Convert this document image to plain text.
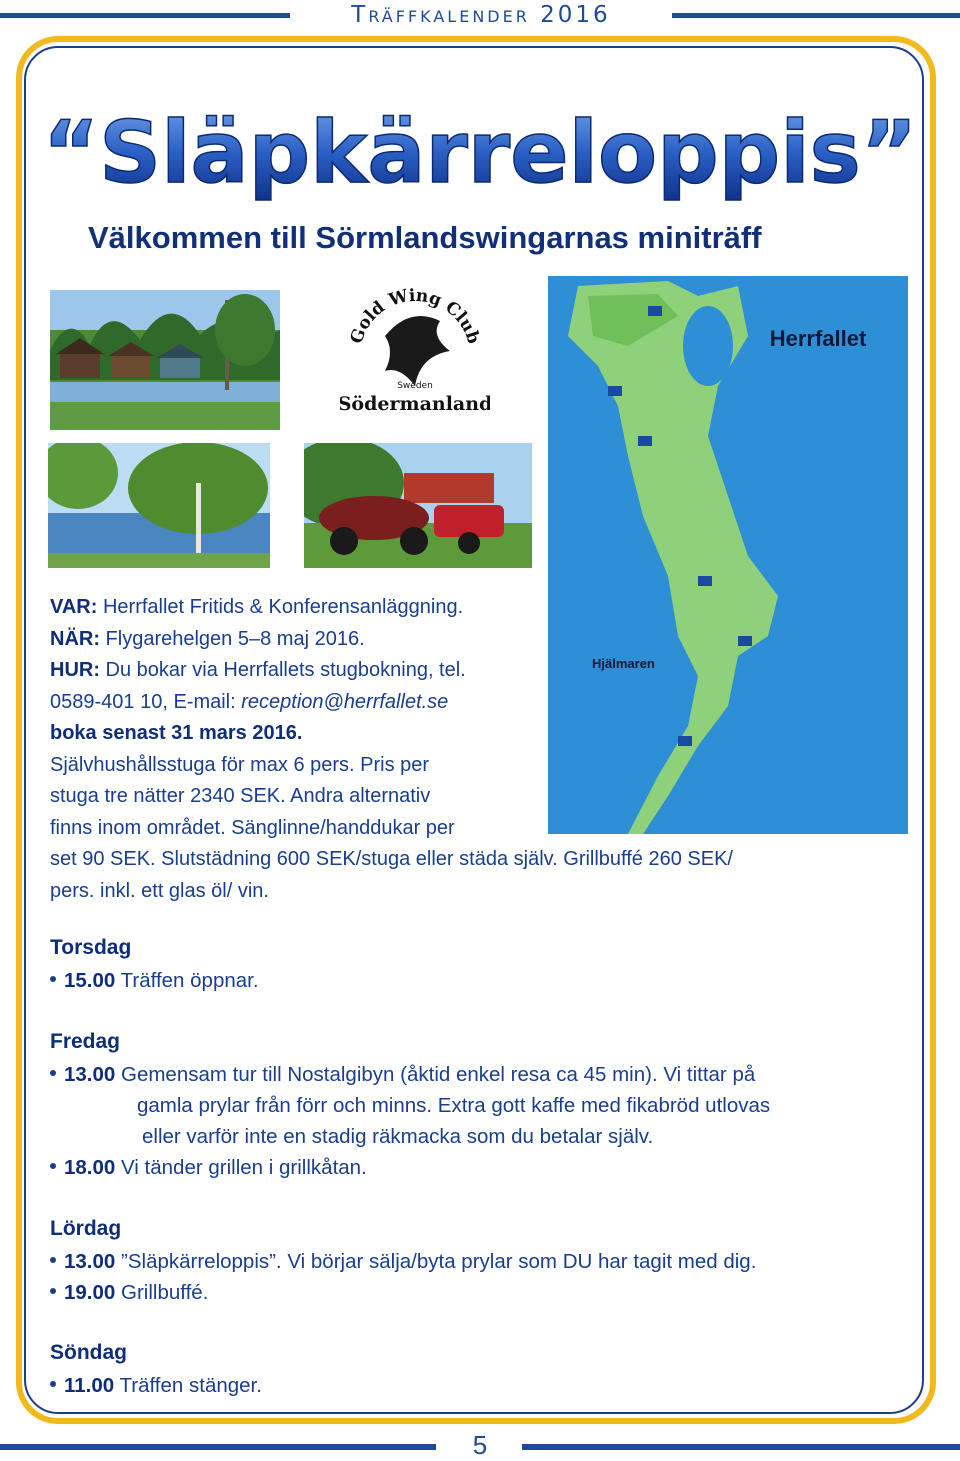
Träffkalender 2016
“Släpkärreloppis”
Välkommen till Sörmlandswingarnas miniträff
Gold Wing Club
Sweden
Södermanland
Herrfallet
Hjälmaren
VAR: Herrfallet Fritids & Konferensanläggning.
NÄR: Flygarehelgen 5–8 maj 2016.
HUR: Du bokar via Herrfallets stugbokning, tel.
0589-401 10, E-mail: reception@herrfallet.se
boka senast 31 mars 2016.
Självhushållsstuga för max 6 pers. Pris per
stuga tre nätter 2340 SEK. Andra alternativ
finns inom området. Sänglinne/handdukar per
set 90 SEK. Slutstädning 600 SEK/stuga eller städa själv. Grillbuffé 260 SEK/
pers. inkl. ett glas öl/ vin.
Torsdag
15.00 Träffen öppnar.
Fredag
13.00 Gemensam tur till Nostalgibyn (åktid enkel resa ca 45 min). Vi tittar på
gamla prylar från förr och minns. Extra gott kaffe med fikabröd utlovas
eller varför inte en stadig räkmacka som du betalar själv.
18.00 Vi tänder grillen i grillkåtan.
Lördag
13.00 ”Släpkärreloppis”. Vi börjar sälja/byta prylar som DU har tagit med dig.
19.00 Grillbuffé.
Söndag
11.00 Träffen stänger.
5
